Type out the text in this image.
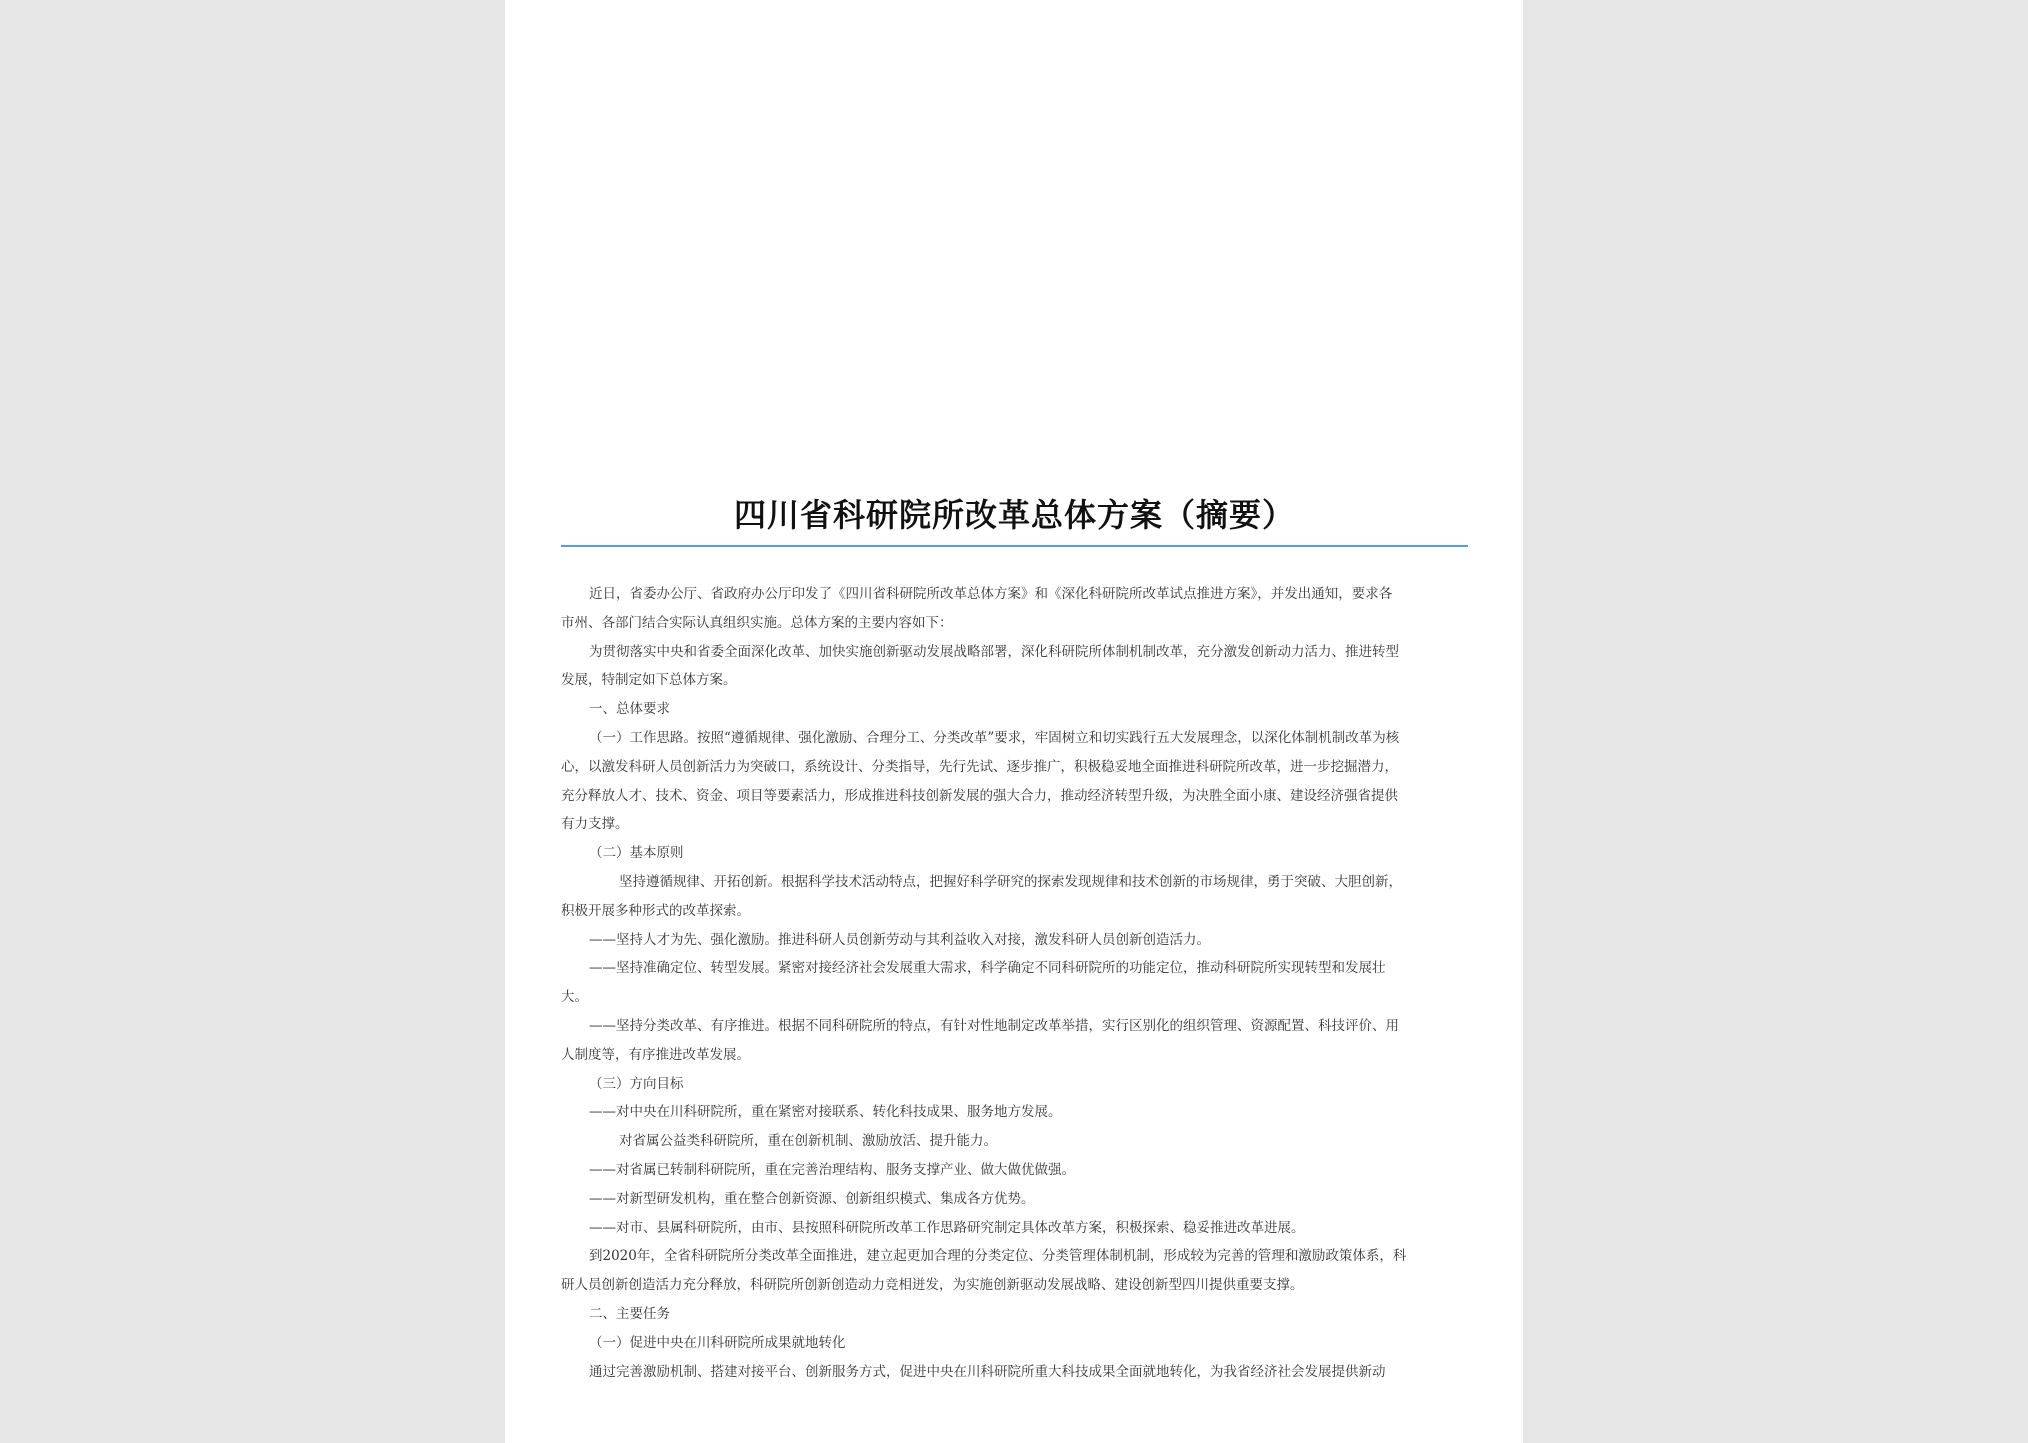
四川省科研院所改革总体方案（摘要）
近日，省委办公厅、省政府办公厅印发了《四川省科研院所改革总体方案》和《深化科研院所改革试点推进方案》，并发出通知，要求各
市州、各部门结合实际认真组织实施。总体方案的主要内容如下：
为贯彻落实中央和省委全面深化改革、加快实施创新驱动发展战略部署，深化科研院所体制机制改革，充分激发创新动力活力、推进转型
发展，特制定如下总体方案。
一、总体要求
（一）工作思路。按照“遵循规律、强化激励、合理分工、分类改革”要求，牢固树立和切实践行五大发展理念，以深化体制机制改革为核
心，以激发科研人员创新活力为突破口，系统设计、分类指导，先行先试、逐步推广，积极稳妥地全面推进科研院所改革，进一步挖掘潜力，
充分释放人才、技术、资金、项目等要素活力，形成推进科技创新发展的强大合力，推动经济转型升级，为决胜全面小康、建设经济强省提供
有力支撑。
（二）基本原则
坚持遵循规律、开拓创新。根据科学技术活动特点，把握好科学研究的探索发现规律和技术创新的市场规律，勇于突破、大胆创新，
积极开展多种形式的改革探索。
——坚持人才为先、强化激励。推进科研人员创新劳动与其利益收入对接，激发科研人员创新创造活力。
——坚持准确定位、转型发展。紧密对接经济社会发展重大需求，科学确定不同科研院所的功能定位，推动科研院所实现转型和发展壮
大。
——坚持分类改革、有序推进。根据不同科研院所的特点，有针对性地制定改革举措，实行区别化的组织管理、资源配置、科技评价、用
人制度等，有序推进改革发展。
（三）方向目标
——对中央在川科研院所，重在紧密对接联系、转化科技成果、服务地方发展。
对省属公益类科研院所，重在创新机制、激励放活、提升能力。
——对省属已转制科研院所，重在完善治理结构、服务支撑产业、做大做优做强。
——对新型研发机构，重在整合创新资源、创新组织模式、集成各方优势。
——对市、县属科研院所，由市、县按照科研院所改革工作思路研究制定具体改革方案，积极探索、稳妥推进改革进展。
到2020年，全省科研院所分类改革全面推进，建立起更加合理的分类定位、分类管理体制机制，形成较为完善的管理和激励政策体系，科
研人员创新创造活力充分释放，科研院所创新创造动力竞相迸发，为实施创新驱动发展战略、建设创新型四川提供重要支撑。
二、主要任务
（一）促进中央在川科研院所成果就地转化
通过完善激励机制、搭建对接平台、创新服务方式，促进中央在川科研院所重大科技成果全面就地转化，为我省经济社会发展提供新动
